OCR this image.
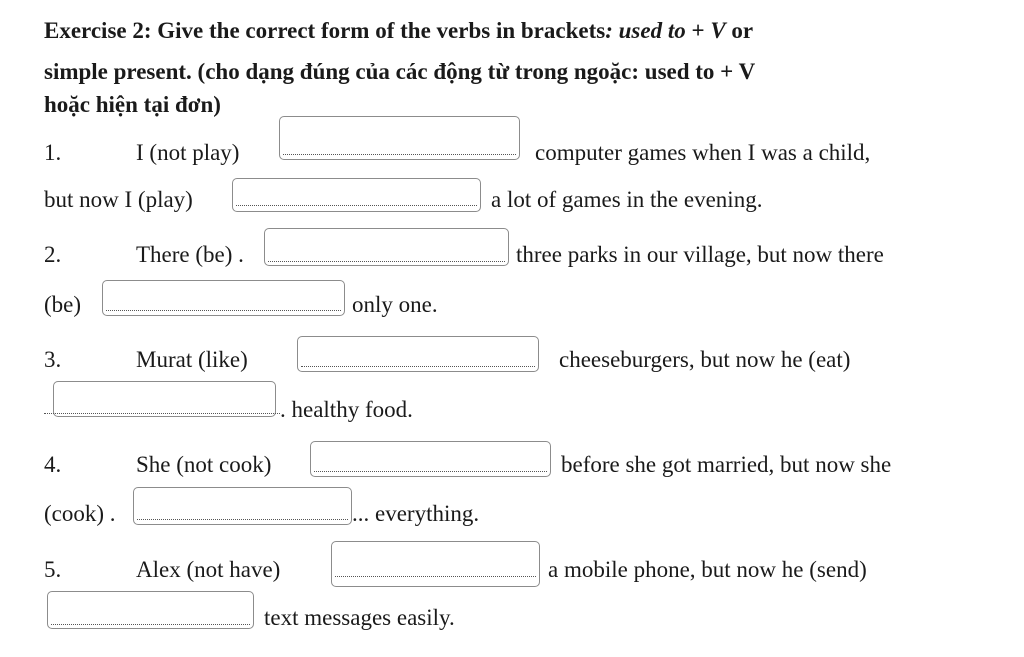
Exercise 2: Give the correct form of the verbs in brackets: used to + V or
simple present. (cho dạng đúng của các động từ trong ngoặc: used to + V
hoặc hiện tại đơn)
1.	I (not play)	computer games when I was a child,
but now I (play)	a lot of games in the evening.
2.	There (be) .	three parks in our village, but now there
(be)	only one.
3.	Murat (like)	cheeseburgers, but now he (eat)
. healthy food.
4.	She (not cook)	before she got married, but now she
(cook) .	... everything.
5.	Alex (not have)	a mobile phone, but now he (send)
text messages easily.
